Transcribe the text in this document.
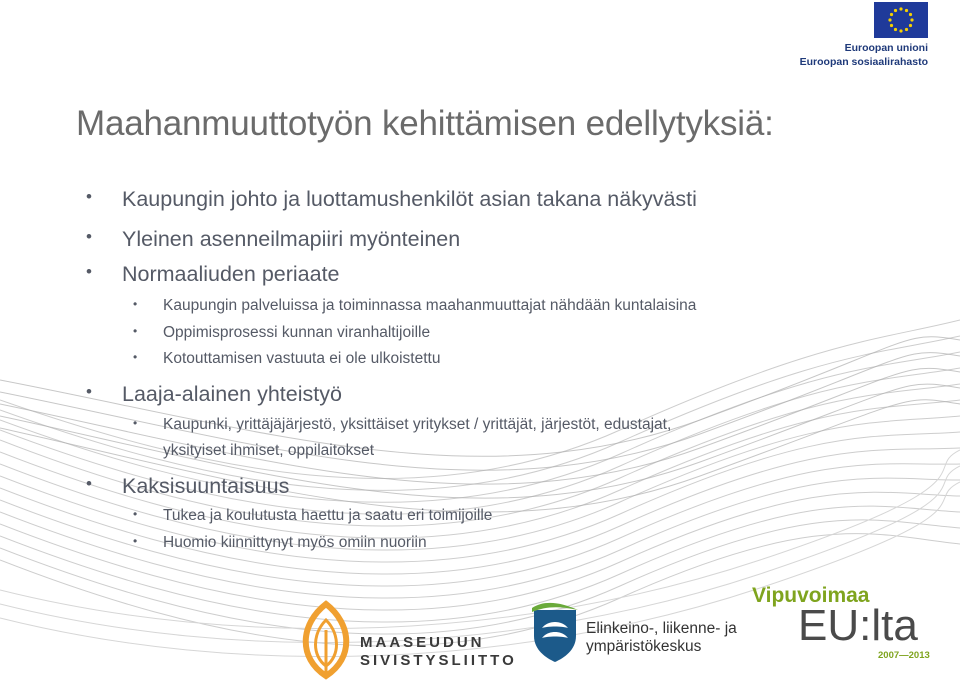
Euroopan unioni
Euroopan sosiaalirahasto
Maahanmuuttotyön kehittämisen edellytyksiä:
• Kaupungin johto ja luottamushenkilöt asian takana näkyvästi
• Yleinen asenneilmapiiri myönteinen
• Normaaliuden periaate
• Kaupungin palveluissa ja toiminnassa maahanmuuttajat nähdään kuntalaisina
• Oppimisprosessi kunnan viranhaltijoille
• Kotouttamisen vastuuta ei ole ulkoistettu
• Laaja-alainen yhteistyö
• Kaupunki, yrittäjäjärjestö, yksittäiset yritykset / yrittäjät, järjestöt, edustajat,
yksityiset ihmiset, oppilaitokset
• Kaksisuuntaisuus
• Tukea ja koulutusta haettu ja saatu eri toimijoille
• Huomio kiinnittynyt myös omiin nuoriin
MAASEUDUN
SIVISTYSLIITTO
Elinkeino-, liikenne- ja
ympäristökeskus
Vipuvoimaa
EU:lta
2007—2013
